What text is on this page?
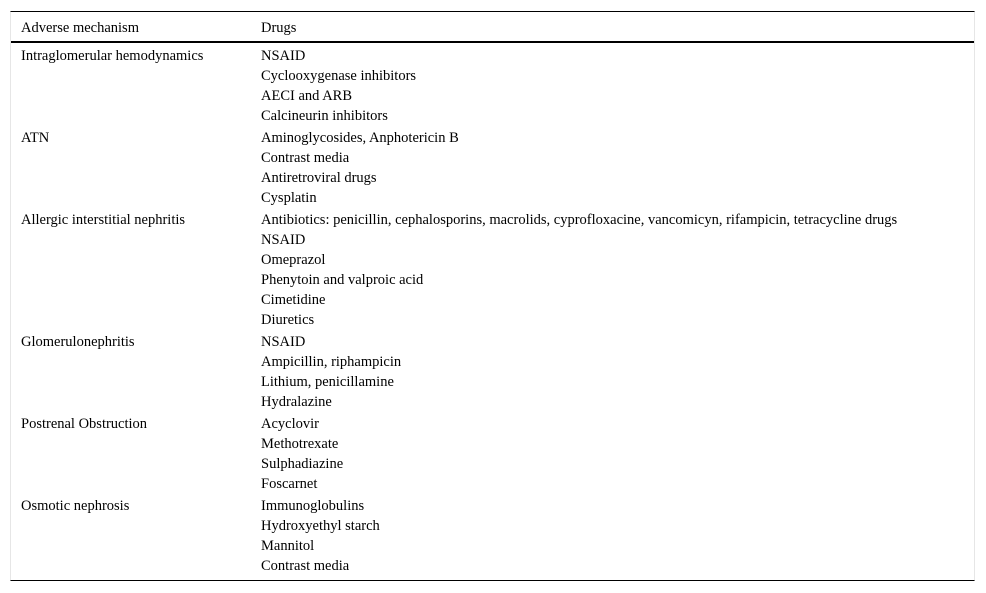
Adverse mechanism	Drugs
Intraglomerular hemodynamics	NSAID
Cyclooxygenase inhibitors
AECI and ARB
Calcineurin inhibitors
ATN	Aminoglycosides, Anphotericin B
Contrast media
Antiretroviral drugs
Cysplatin
Allergic interstitial nephritis	Antibiotics: penicillin, cephalosporins, macrolids, cyprofloxacine, vancomicyn, rifampicin, tetracycline drugs
NSAID
Omeprazol
Phenytoin and valproic acid
Cimetidine
Diuretics
Glomerulonephritis	NSAID
Ampicillin, riphampicin
Lithium, penicillamine
Hydralazine
Postrenal Obstruction	Acyclovir
Methotrexate
Sulphadiazine
Foscarnet
Osmotic nephrosis	Immunoglobulins
Hydroxyethyl starch
Mannitol
Contrast media
